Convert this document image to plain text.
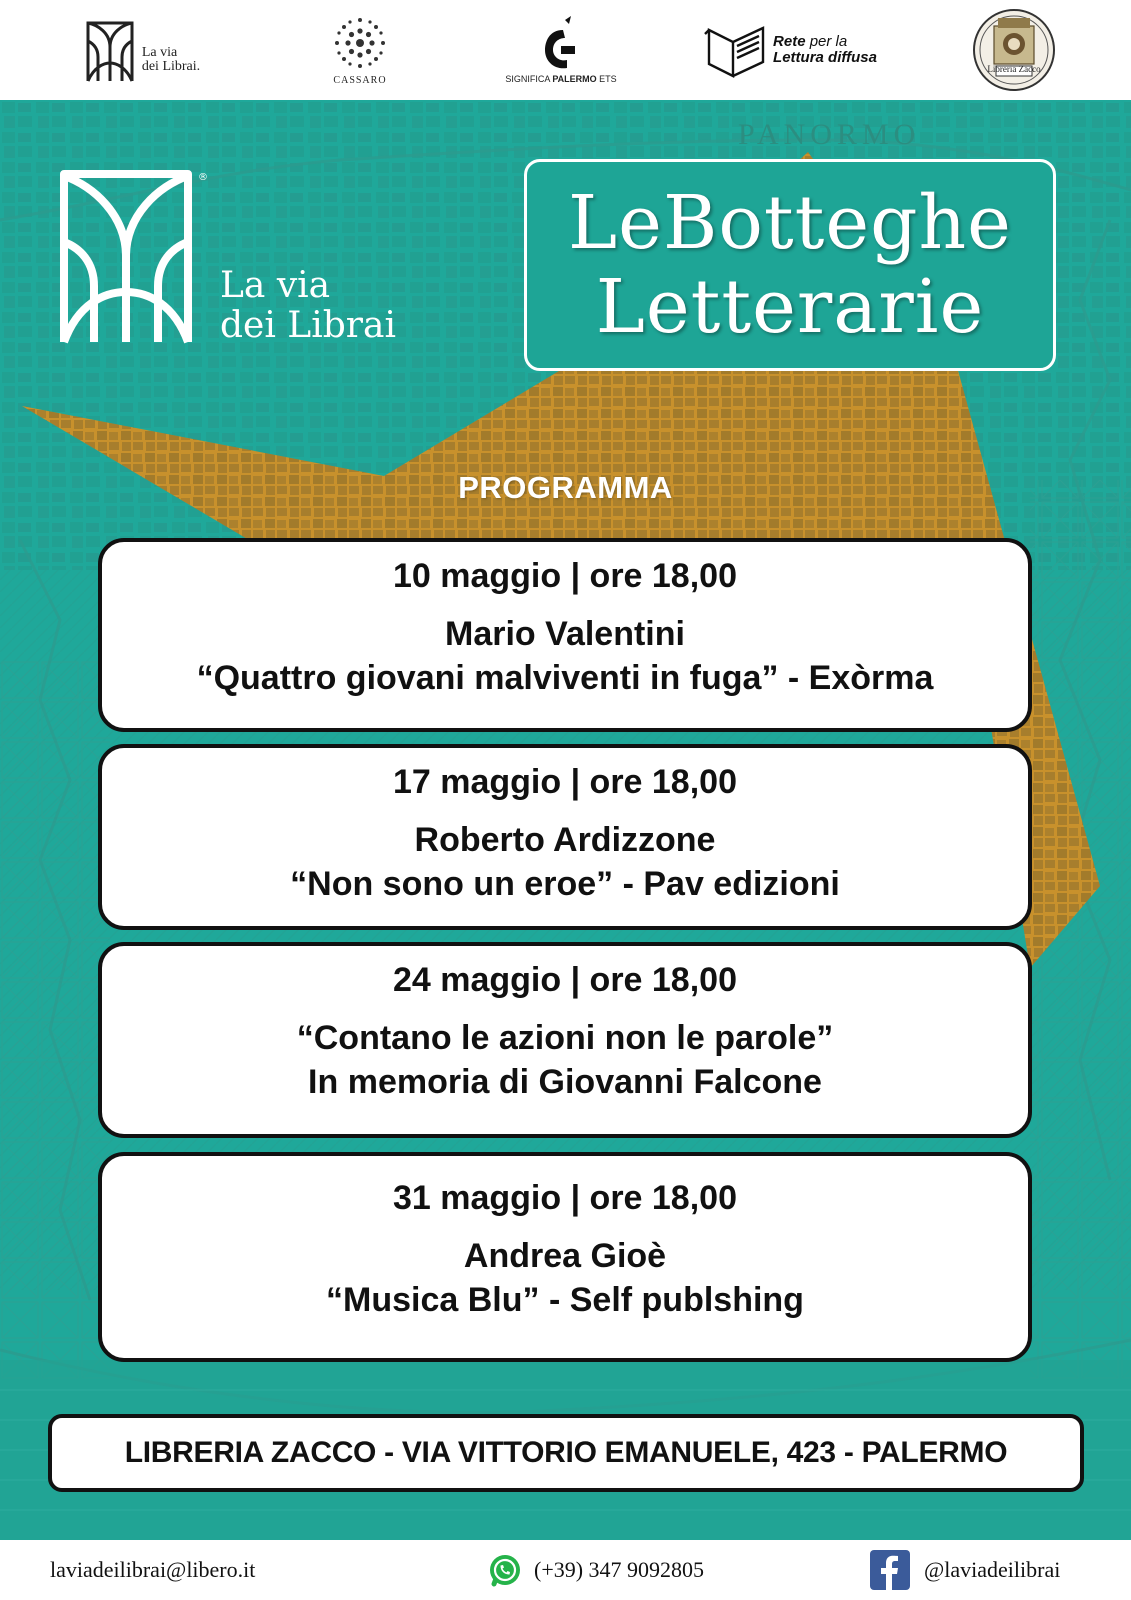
La via
dei Librai.
CASSARO	SIGNIFICA PALERMO ETS
Rete per la
Lettura diffusa
Libreria Zacco
PANORMO
®
La via
dei Librai
LeBotteghe
Letterarie
PROGRAMMA
10 maggio | ore 18,00
Mario Valentini
“Quattro giovani malviventi in fuga” - Exòrma
17 maggio | ore 18,00
Roberto Ardizzone
“Non sono un eroe” - Pav edizioni
24 maggio | ore 18,00
“Contano le azioni non le parole”
In memoria di Giovanni Falcone
31 maggio | ore 18,00
Andrea Gioè
“Musica Blu” - Self publshing
LIBRERIA ZACCO - VIA VITTORIO EMANUELE, 423 - PALERMO
laviadeilibrai@libero.it	(+39) 347 9092805	@laviadeilibrai
